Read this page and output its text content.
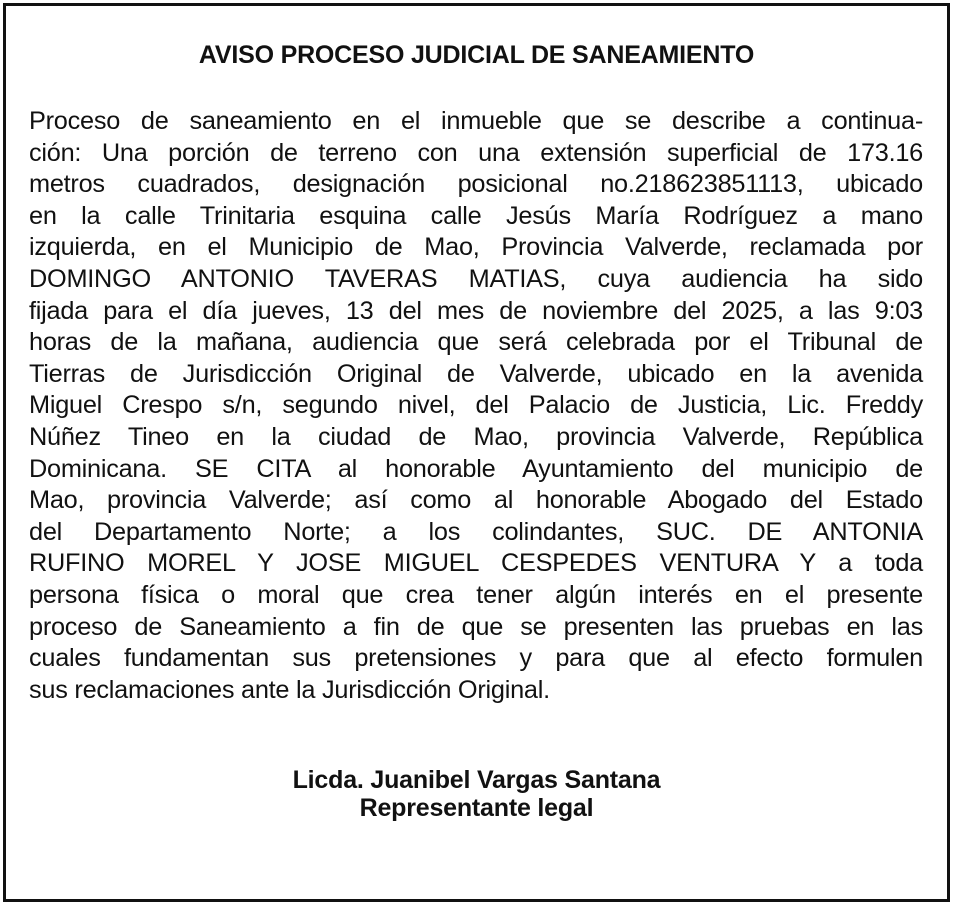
AVISO PROCESO JUDICIAL DE SANEAMIENTO

Proceso de saneamiento en el inmueble que se describe a continua-
ción: Una porción de terreno con una extensión superficial de 173.16
metros cuadrados, designación posicional no.218623851113, ubicado
en la calle Trinitaria esquina calle Jesús María Rodríguez a mano
izquierda, en el Municipio de Mao, Provincia Valverde, reclamada por
DOMINGO ANTONIO TAVERAS MATIAS, cuya audiencia ha sido
fijada para el día jueves, 13 del mes de noviembre del 2025, a las 9:03
horas de la mañana, audiencia que será celebrada por el Tribunal de
Tierras de Jurisdicción Original de Valverde, ubicado en la avenida
Miguel Crespo s/n, segundo nivel, del Palacio de Justicia, Lic. Freddy
Núñez Tineo en la ciudad de Mao, provincia Valverde, República
Dominicana. SE CITA al honorable Ayuntamiento del municipio de
Mao, provincia Valverde; así como al honorable Abogado del Estado
del Departamento Norte; a los colindantes, SUC. DE ANTONIA
RUFINO MOREL Y JOSE MIGUEL CESPEDES VENTURA Y a toda
persona física o moral que crea tener algún interés en el presente
proceso de Saneamiento a fin de que se presenten las pruebas en las
cuales fundamentan sus pretensiones y para que al efecto formulen
sus reclamaciones ante la Jurisdicción Original.

Licda. Juanibel Vargas Santana
Representante legal
